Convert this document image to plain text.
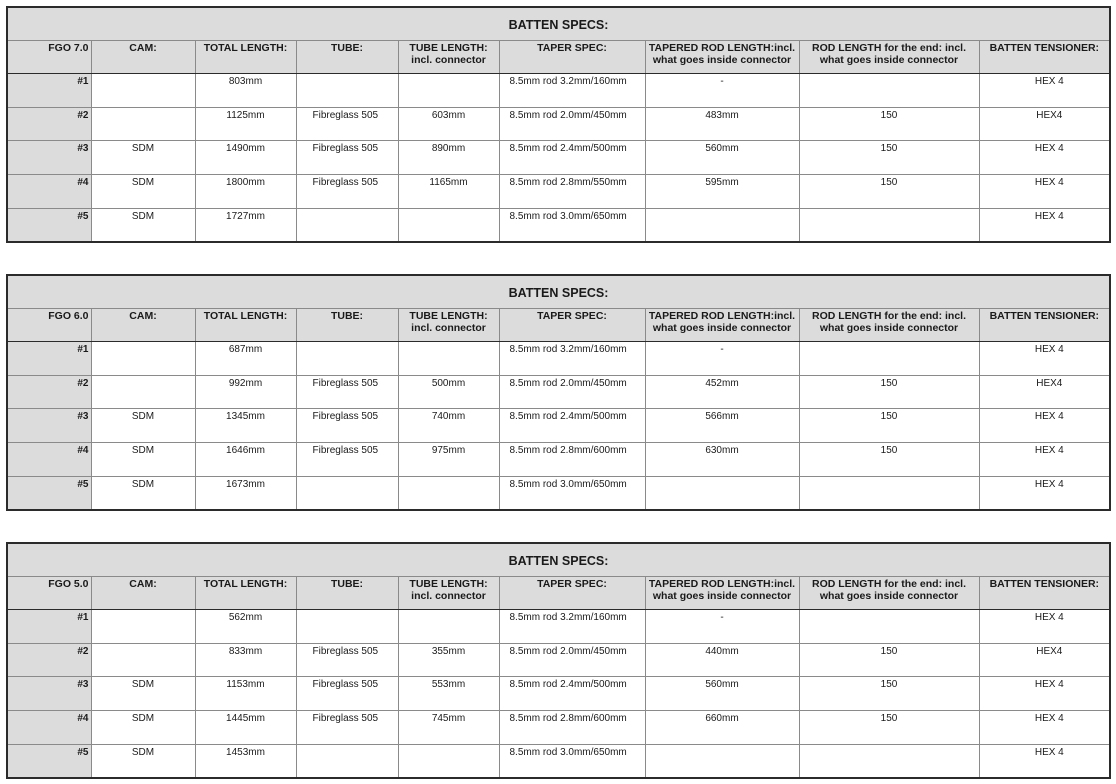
BATTEN SPECS:								
FGO 7.0	CAM:	TOTAL LENGTH:	TUBE:	TUBE LENGTH: incl. connector	TAPER SPEC:	TAPERED ROD LENGTH:incl. what goes inside connector	ROD LENGTH for the end: incl. what goes inside connector	BATTEN TENSIONER:
#1		803mm			8.5mm rod 3.2mm/160mm	-		HEX 4
#2		1125mm	Fibreglass 505	603mm	8.5mm rod 2.0mm/450mm	483mm	150	HEX4
#3	SDM	1490mm	Fibreglass 505	890mm	8.5mm rod 2.4mm/500mm	560mm	150	HEX 4
#4	SDM	1800mm	Fibreglass 505	1165mm	8.5mm rod 2.8mm/550mm	595mm	150	HEX 4
#5	SDM	1727mm			8.5mm rod 3.0mm/650mm			HEX 4
BATTEN SPECS:								
FGO 6.0	CAM:	TOTAL LENGTH:	TUBE:	TUBE LENGTH: incl. connector	TAPER SPEC:	TAPERED ROD LENGTH:incl. what goes inside connector	ROD LENGTH for the end: incl. what goes inside connector	BATTEN TENSIONER:
#1		687mm			8.5mm rod 3.2mm/160mm	-		HEX 4
#2		992mm	Fibreglass 505	500mm	8.5mm rod 2.0mm/450mm	452mm	150	HEX4
#3	SDM	1345mm	Fibreglass 505	740mm	8.5mm rod 2.4mm/500mm	566mm	150	HEX 4
#4	SDM	1646mm	Fibreglass 505	975mm	8.5mm rod 2.8mm/600mm	630mm	150	HEX 4
#5	SDM	1673mm			8.5mm rod 3.0mm/650mm			HEX 4
BATTEN SPECS:								
FGO 5.0	CAM:	TOTAL LENGTH:	TUBE:	TUBE LENGTH: incl. connector	TAPER SPEC:	TAPERED ROD LENGTH:incl. what goes inside connector	ROD LENGTH for the end: incl. what goes inside connector	BATTEN TENSIONER:
#1		562mm			8.5mm rod 3.2mm/160mm	-		HEX 4
#2		833mm	Fibreglass 505	355mm	8.5mm rod 2.0mm/450mm	440mm	150	HEX4
#3	SDM	1153mm	Fibreglass 505	553mm	8.5mm rod 2.4mm/500mm	560mm	150	HEX 4
#4	SDM	1445mm	Fibreglass 505	745mm	8.5mm rod 2.8mm/600mm	660mm	150	HEX 4
#5	SDM	1453mm			8.5mm rod 3.0mm/650mm			HEX 4
